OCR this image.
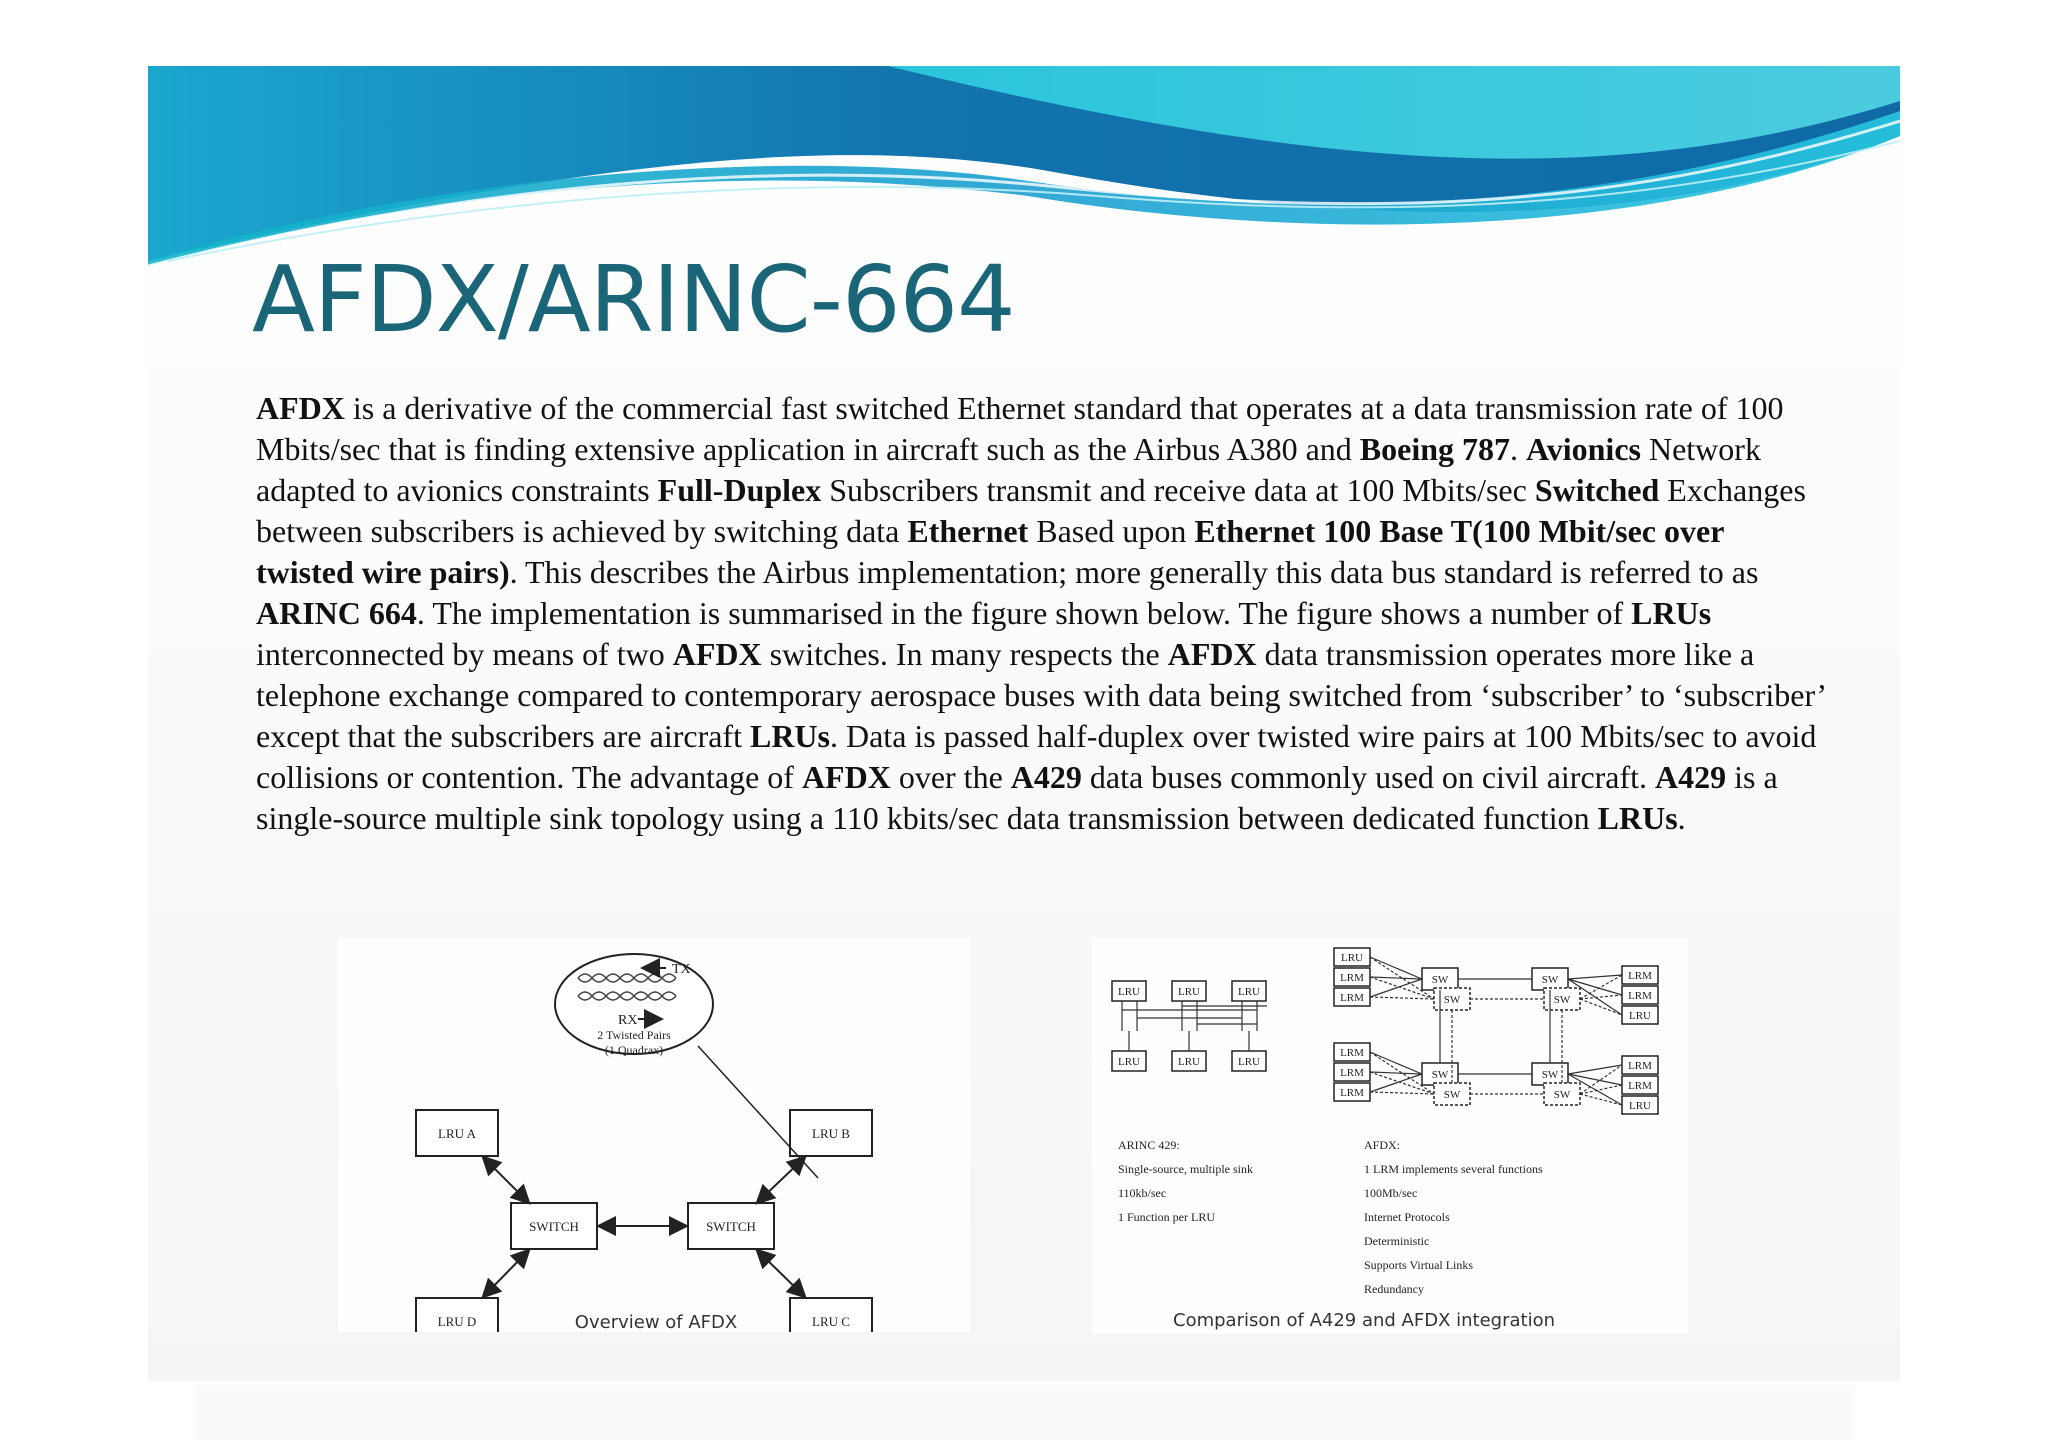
AFDX/ARINC-664

AFDX is a derivative of the commercial fast switched Ethernet standard that operates at a data transmission rate of 100 Mbits/sec that is finding extensive application in aircraft such as the Airbus A380 and Boeing 787. Avionics Network adapted to avionics constraints Full-Duplex Subscribers transmit and receive data at 100 Mbits/sec Switched Exchanges between subscribers is achieved by switching data Ethernet Based upon Ethernet 100 Base T(100 Mbit/sec over twisted wire pairs). This describes the Airbus implementation; more generally this data bus standard is referred to as ARINC 664. The implementation is summarised in the figure shown below. The figure shows a number of LRUs interconnected by means of two AFDX switches. In many respects the AFDX data transmission operates more like a telephone exchange compared to contemporary aerospace buses with data being switched from ‘subscriber’ to ‘subscriber’ except that the subscribers are aircraft LRUs. Data is passed half-duplex over twisted wire pairs at 100 Mbits/sec to avoid collisions or contention. The advantage of AFDX over the A429 data buses commonly used on civil aircraft. A429 is a single-source multiple sink topology using a 110 kbits/sec data transmission between dedicated function LRUs.

TX
RX
2 Twisted Pairs
(1 Quadrax)
LRU A	LRU B
LRU D	LRU C
SWITCH	SWITCH
Overview of AFDX
LRU
LRU
LRU
LRU
LRU
LRU
LRU
LRM
LRM
SW
SW
SW
SW
SW
SW
SW
SW
LRM
LRM
LRU
LRM
LRM
LRM
LRM
LRM
LRU
ARINC 429:
Single-source, multiple sink
110kb/sec
1 Function per LRU
AFDX:
1 LRM implements several functions
100Mb/sec
Internet Protocols
Deterministic
Supports Virtual Links
Redundancy
Comparison of A429 and AFDX integration
